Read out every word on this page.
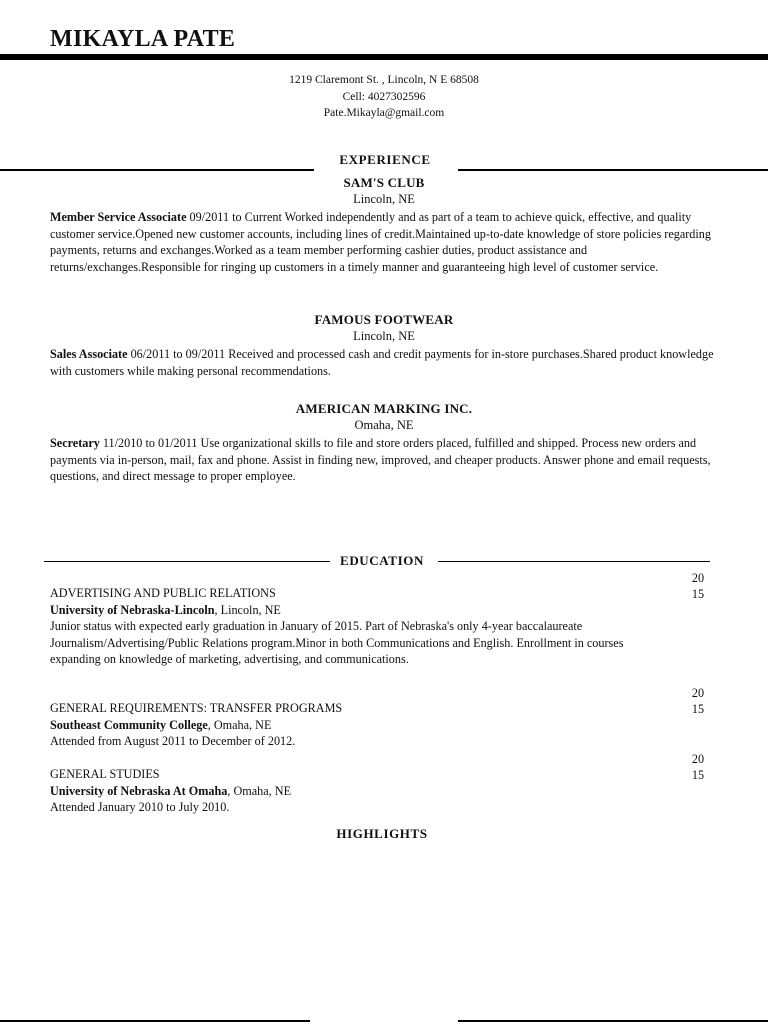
MIKAYLA PATE
1219 Claremont St. , Lincoln, N E 68508
Cell: 4027302596
Pate.Mikayla@gmail.com
EXPERIENCE
SAM'S CLUB
Lincoln, NE
Member Service Associate 09/2011 to Current Worked independently and as part of a team to achieve quick, effective, and quality customer service.Opened new customer accounts, including lines of credit.Maintained up-to-date knowledge of store policies regarding payments, returns and exchanges.Worked as a team member performing cashier duties, product assistance and returns/exchanges.Responsible for ringing up customers in a timely manner and guaranteeing high level of customer service.
FAMOUS FOOTWEAR
Lincoln, NE
Sales Associate 06/2011 to 09/2011 Received and processed cash and credit payments for in-store purchases.Shared product knowledge with customers while making personal recommendations.
AMERICAN MARKING INC.
Omaha, NE
Secretary 11/2010 to 01/2011 Use organizational skills to file and store orders placed, fulfilled and shipped. Process new orders and payments via in-person, mail, fax and phone. Assist in finding new, improved, and cheaper products. Answer phone and email requests, questions, and direct message to proper employee.
EDUCATION
20
15
ADVERTISING AND PUBLIC RELATIONS
University of Nebraska-Lincoln, Lincoln, NE
Junior status with expected early graduation in January of 2015. Part of Nebraska's only 4-year baccalaureate
Journalism/Advertising/Public Relations program.Minor in both Communications and English. Enrollment in courses
expanding on knowledge of marketing, advertising, and communications.
20
15
GENERAL REQUIREMENTS: TRANSFER PROGRAMS
Southeast Community College, Omaha, NE
Attended from August 2011 to December of 2012.
20
15
GENERAL STUDIES
University of Nebraska At Omaha, Omaha, NE
Attended January 2010 to July 2010.
HIGHLIGHTS
